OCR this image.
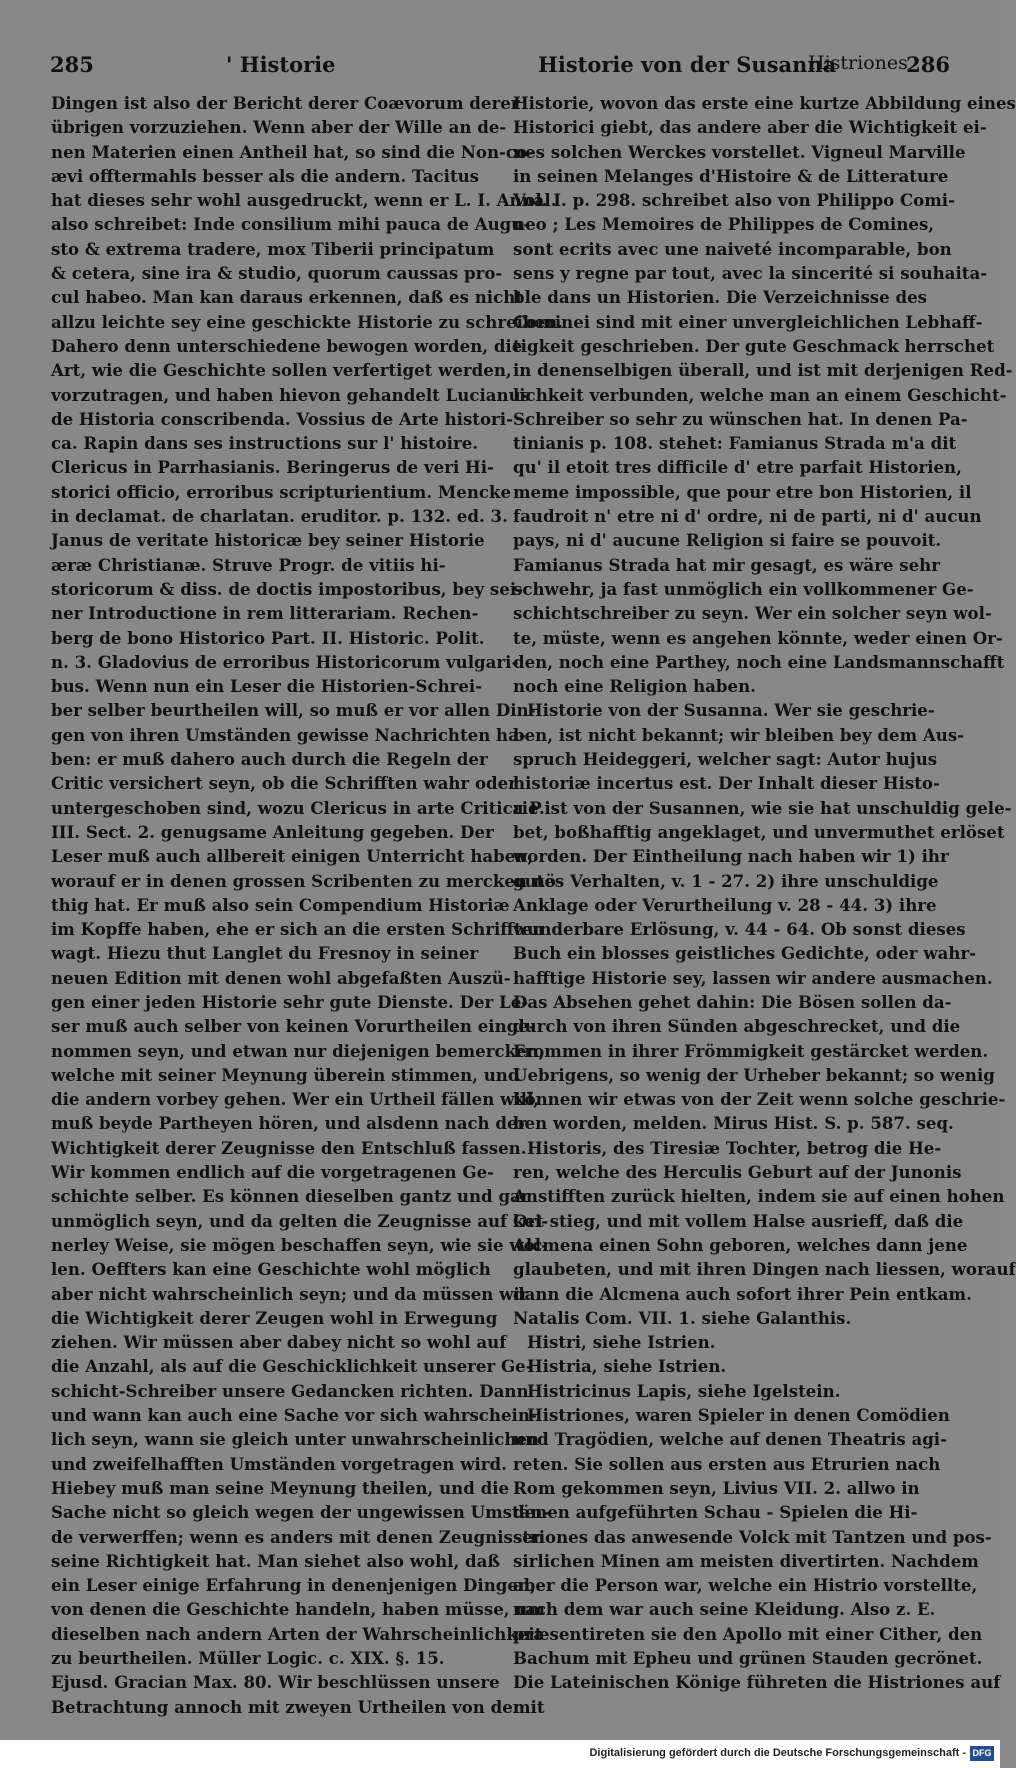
285	' Historie	Historie von der Susanna
Histriones
286

Dingen ist also der Bericht derer Coævorum derer

übrigen vorzuziehen. Wenn aber der Wille an de-

nen Materien einen Antheil hat, so sind die Non-co-

ævi offtermahls besser als die andern. Tacitus

hat dieses sehr wohl ausgedruckt, wenn er L. I. Annal.

also schreibet: Inde consilium mihi pauca de Augu-

sto & extrema tradere, mox Tiberii principatum

& cetera, sine ira & studio, quorum caussas pro-

cul habeo. Man kan daraus erkennen, daß es nicht

allzu leichte sey eine geschickte Historie zu schreiben.

Dahero denn unterschiedene bewogen worden, die

Art, wie die Geschichte sollen verfertiget werden,

vorzutragen, und haben hievon gehandelt Lucianus

de Historia conscribenda. Vossius de Arte histori-

ca. Rapin dans ses instructions sur l' histoire.

Clericus in Parrhasianis. Beringerus de veri Hi-

storici officio, erroribus scripturientium. Mencke

in declamat. de charlatan. eruditor. p. 132. ed. 3.

Janus de veritate historicæ bey seiner Historie

æræ Christianæ. Struve Progr. de vitiis hi-

storicorum & diss. de doctis impostoribus, bey sei-

ner Introductione in rem litterariam. Rechen-

berg de bono Historico Part. II. Historic. Polit.

n. 3. Gladovius de erroribus Historicorum vulgari-

bus. Wenn nun ein Leser die Historien-Schrei-

ber selber beurtheilen will, so muß er vor allen Din-

gen von ihren Umständen gewisse Nachrichten ha-

ben: er muß dahero auch durch die Regeln der

Critic versichert seyn, ob die Schrifften wahr oder

untergeschoben sind, wozu Clericus in arte Critica P.

III. Sect. 2. genugsame Anleitung gegeben. Der

Leser muß auch allbereit einigen Unterricht haben,

worauf er in denen grossen Scribenten zu mercken nö-

thig hat. Er muß also sein Compendium Historiæ

im Kopffe haben, ehe er sich an die ersten Schrifften

wagt. Hiezu thut Langlet du Fresnoy in seiner

neuen Edition mit denen wohl abgefaßten Auszü-

gen einer jeden Historie sehr gute Dienste. Der Le-

ser muß auch selber von keinen Vorurtheilen einge-

nommen seyn, und etwan nur diejenigen bemercken,

welche mit seiner Meynung überein stimmen, und

die andern vorbey gehen. Wer ein Urtheil fällen will,

muß beyde Partheyen hören, und alsdenn nach der

Wichtigkeit derer Zeugnisse den Entschluß fassen.

Wir kommen endlich auf die vorgetragenen Ge-

schichte selber. Es können dieselben gantz und gar

unmöglich seyn, und da gelten die Zeugnisse auf kei-

nerley Weise, sie mögen beschaffen seyn, wie sie wol-

len. Oeffters kan eine Geschichte wohl möglich

aber nicht wahrscheinlich seyn; und da müssen wir

die Wichtigkeit derer Zeugen wohl in Erwegung

ziehen. Wir müssen aber dabey nicht so wohl auf

die Anzahl, als auf die Geschicklichkeit unserer Ge-

schicht-Schreiber unsere Gedancken richten. Dann

und wann kan auch eine Sache vor sich wahrschein-

lich seyn, wann sie gleich unter unwahrscheinlichen

und zweifelhafften Umständen vorgetragen wird.

Hiebey muß man seine Meynung theilen, und die

Sache nicht so gleich wegen der ungewissen Umstän-

de verwerffen; wenn es anders mit denen Zeugnissen

seine Richtigkeit hat. Man siehet also wohl, daß

ein Leser einige Erfahrung in denenjenigen Dingen,

von denen die Geschichte handeln, haben müsse, um

dieselben nach andern Arten der Wahrscheinlichkeit

zu beurtheilen. Müller Logic. c. XIX. §. 15.

Ejusd. Gracian Max. 80. Wir beschlüssen unsere

Betrachtung annoch mit zweyen Urtheilen von der

Historie, wovon das erste eine kurtze Abbildung eines

Historici giebt, das andere aber die Wichtigkeit ei-

nes solchen Werckes vorstellet. Vigneul Marville

in seinen Melanges d'Histoire & de Litterature

Vol. I. p. 298. schreibet also von Philippo Comi-

neo ; Les Memoires de Philippes de Comines,

sont ecrits avec une naiveté incomparable, bon

sens y regne par tout, avec la sincerité si souhaita-

ble dans un Historien. Die Verzeichnisse des

Cominei sind mit einer unvergleichlichen Lebhaff-

tigkeit geschrieben. Der gute Geschmack herrschet

in denenselbigen überall, und ist mit derjenigen Red-

lichkeit verbunden, welche man an einem Geschicht-

Schreiber so sehr zu wünschen hat. In denen Pa-

tinianis p. 108. stehet: Famianus Strada m'a dit

qu' il etoit tres difficile d' etre parfait Historien,

meme impossible, que pour etre bon Historien, il

faudroit n' etre ni d' ordre, ni de parti, ni d' aucun

pays, ni d' aucune Religion si faire se pouvoit.

Famianus Strada hat mir gesagt, es wäre sehr

schwehr, ja fast unmöglich ein vollkommener Ge-

schichtschreiber zu seyn. Wer ein solcher seyn wol-

te, müste, wenn es angehen könnte, weder einen Or-

den, noch eine Parthey, noch eine Landsmannschafft

noch eine Religion haben.

Historie von der Susanna. Wer sie geschrie-

ben, ist nicht bekannt; wir bleiben bey dem Aus-

spruch Heideggeri, welcher sagt: Autor hujus

historiæ incertus est. Der Inhalt dieser Histo-

rie ist von der Susannen, wie sie hat unschuldig gele-

bet, boßhafftig angeklaget, und unvermuthet erlöset

worden. Der Eintheilung nach haben wir 1) ihr

gutes Verhalten, v. 1 - 27. 2) ihre unschuldige

Anklage oder Verurtheilung v. 28 - 44. 3) ihre

wunderbare Erlösung, v. 44 - 64. Ob sonst dieses

Buch ein blosses geistliches Gedichte, oder wahr-

hafftige Historie sey, lassen wir andere ausmachen.

Das Absehen gehet dahin: Die Bösen sollen da-

durch von ihren Sünden abgeschrecket, und die

Frommen in ihrer Frömmigkeit gestärcket werden.

Uebrigens, so wenig der Urheber bekannt; so wenig

können wir etwas von der Zeit wenn solche geschrie-

ben worden, melden. Mirus Hist. S. p. 587. seq.

Historis, des Tiresiæ Tochter, betrog die He-

ren, welche des Herculis Geburt auf der Junonis

Anstifften zurück hielten, indem sie auf einen hohen

Ort stieg, und mit vollem Halse ausrieff, daß die

Alcmena einen Sohn geboren, welches dann jene

glaubeten, und mit ihren Dingen nach liessen, worauf

dann die Alcmena auch sofort ihrer Pein entkam.

Natalis Com. VII. 1. siehe Galanthis.

Histri, siehe Istrien.

Histria, siehe Istrien.

Histricinus Lapis, siehe Igelstein.

Histriones, waren Spieler in denen Comödien

und Tragödien, welche auf denen Theatris agi-

reten. Sie sollen aus ersten aus Etrurien nach

Rom gekommen seyn, Livius VII. 2. allwo in

denen aufgeführten Schau - Spielen die Hi-

striones das anwesende Volck mit Tantzen und pos-

sirlichen Minen am meisten divertirten. Nachdem

aber die Person war, welche ein Histrio vorstellte,

nach dem war auch seine Kleidung. Also z. E.

præsentireten sie den Apollo mit einer Cither, den

Bachum mit Epheu und grünen Stauden gecrönet.

Die Lateinischen Könige führeten die Histriones auf

mit

Digitalisierung gefördert durch die Deutsche Forschungsgemeinschaft - DFG
